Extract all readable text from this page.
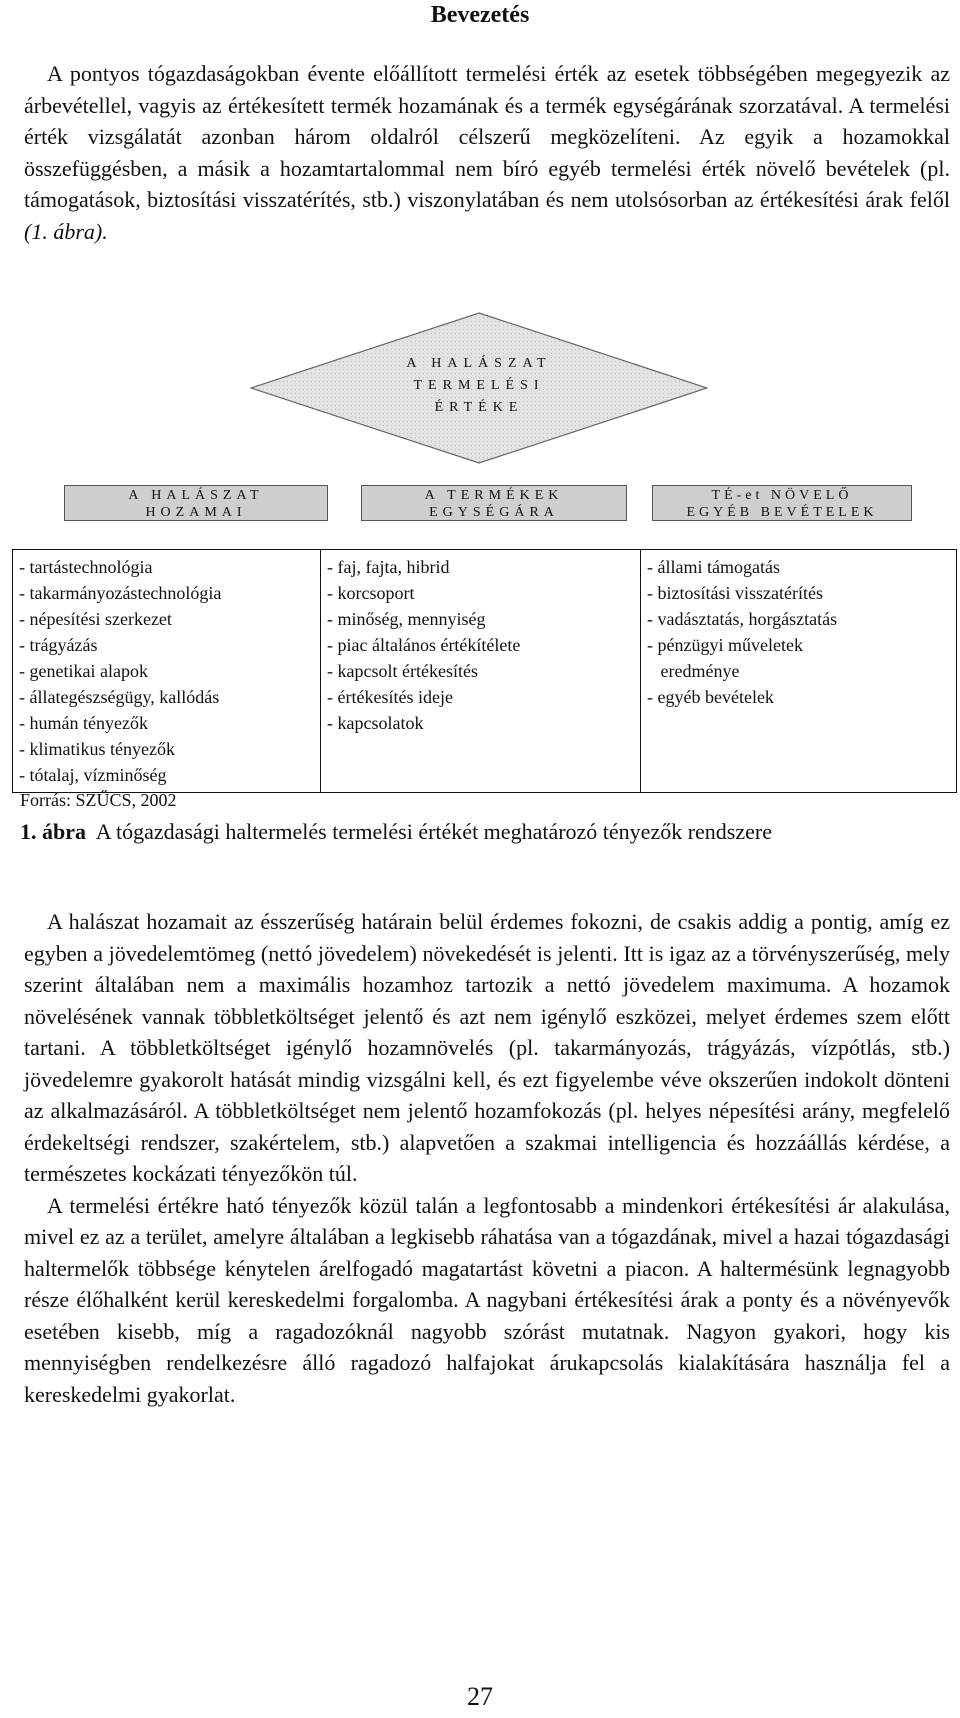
Bevezetés

A pontyos tógazdaságokban évente előállított termelési érték az esetek többségében megegyezik az árbevétellel, vagyis az értékesített termék hozamának és a termék egységárának szorzatával. A termelési érték vizsgálatát azonban három oldalról célszerű megközelíteni. Az egyik a hozamokkal összefüggésben, a másik a hozamtartalommal nem bíró egyéb termelési érték növelő bevételek (pl. támogatások, biztosítási visszatérítés, stb.) viszonylatában és nem utolsósorban az értékesítési árak felől (1. ábra).

A HALÁSZAT
TERMELÉSI
ÉRTÉKE
A HALÁSZAT
HOZAMAI
A TERMÉKEK
EGYSÉGÁRA
TÉ-et NÖVELŐ
EGYÉB BEVÉTELEK
- tartástechnológia
- takarmányozástechnológia
- népesítési szerkezet
- trágyázás
- genetikai alapok
- állategészségügy, kallódás
- humán tényezők
- klimatikus tényezők
- tótalaj, vízminőség

- faj, fajta, hibrid
- korcsoport
- minőség, mennyiség
- piac általános értékítélete
- kapcsolt értékesítés
- értékesítés ideje
- kapcsolatok

- állami támogatás
- biztosítási visszatérítés
- vadásztatás, horgásztatás
- pénzügyi műveletek
eredménye
- egyéb bevételek
Forrás: SZŰCS, 2002

1. ábra A tógazdasági haltermelés termelési értékét meghatározó tényezők rendszere

A halászat hozamait az ésszerűség határain belül érdemes fokozni, de csakis addig a pontig, amíg ez egyben a jövedelemtömeg (nettó jövedelem) növekedését is jelenti. Itt is igaz az a törvényszerűség, mely szerint általában nem a maximális hozamhoz tartozik a nettó jövedelem maximuma. A hozamok növelésének vannak többletköltséget jelentő és azt nem igénylő eszközei, melyet érdemes szem előtt tartani. A többletköltséget igénylő hozamnövelés (pl. takarmányozás, trágyázás, vízpótlás, stb.) jövedelemre gyakorolt hatását mindig vizsgálni kell, és ezt figyelembe véve okszerűen indokolt dönteni az alkalmazásáról. A többletköltséget nem jelentő hozamfokozás (pl. helyes népesítési arány, megfelelő érdekeltségi rendszer, szakértelem, stb.) alapvetően a szakmai intelligencia és hozzáállás kérdése, a természetes kockázati tényezőkön túl.

A termelési értékre ható tényezők közül talán a legfontosabb a mindenkori értékesítési ár alakulása, mivel ez az a terület, amelyre általában a legkisebb ráhatása van a tógazdának, mivel a hazai tógazdasági haltermelők többsége kénytelen árelfogadó magatartást követni a piacon. A haltermésünk legnagyobb része élőhalként kerül kereskedelmi forgalomba. A nagybani értékesítési árak a ponty és a növényevők esetében kisebb, míg a ragadozóknál nagyobb szórást mutatnak. Nagyon gyakori, hogy kis mennyiségben rendelkezésre álló ragadozó halfajokat árukapcsolás kialakítására használja fel a kereskedelmi gyakorlat.

27
